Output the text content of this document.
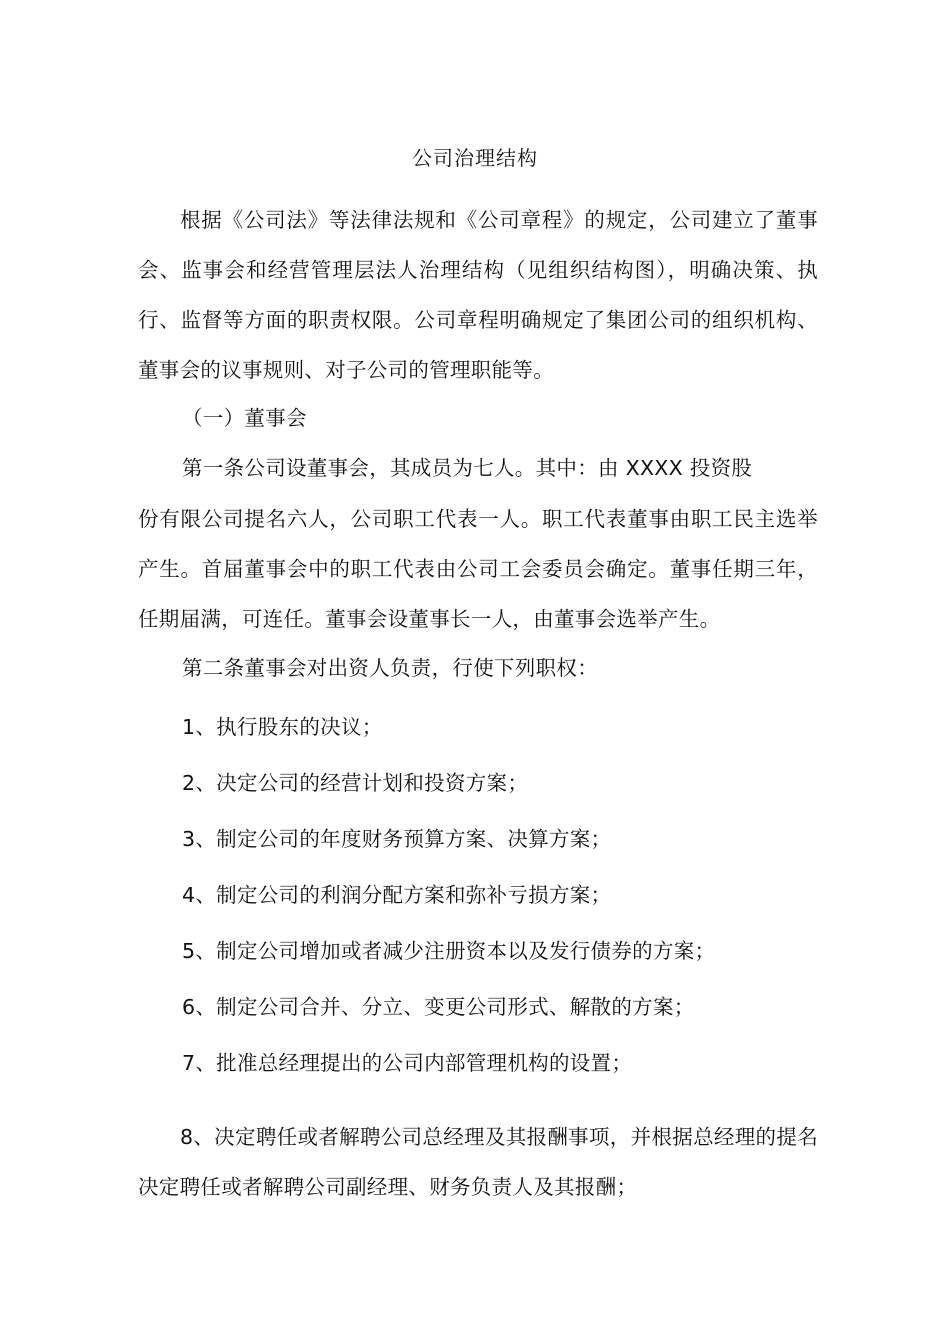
公司治理结构

根据《公司法》等法律法规和《公司章程》的规定，公司建立了董事会、监事会和经营管理层法人治理结构（见组织结构图），明确决策、执行、监督等方面的职责权限。公司章程明确规定了集团公司的组织机构、董事会的议事规则、对子公司的管理职能等。

（一）董事会
第一条公司设董事会，其成员为七人。其中：由 XXXX 投资股

份有限公司提名六人，公司职工代表一人。职工代表董事由职工民主选举产生。首届董事会中的职工代表由公司工会委员会确定。董事任期三年，任期届满，可连任。董事会设董事长一人，由董事会选举产生。

第二条董事会对出资人负责，行使下列职权：
1、执行股东的决议；
2、决定公司的经营计划和投资方案；
3、制定公司的年度财务预算方案、决算方案；
4、制定公司的利润分配方案和弥补亏损方案；
5、制定公司增加或者减少注册资本以及发行债券的方案；
6、制定公司合并、分立、变更公司形式、解散的方案；
7、批准总经理提出的公司内部管理机构的设置；

8、决定聘任或者解聘公司总经理及其报酬事项，并根据总经理的提名决定聘任或者解聘公司副经理、财务负责人及其报酬；
